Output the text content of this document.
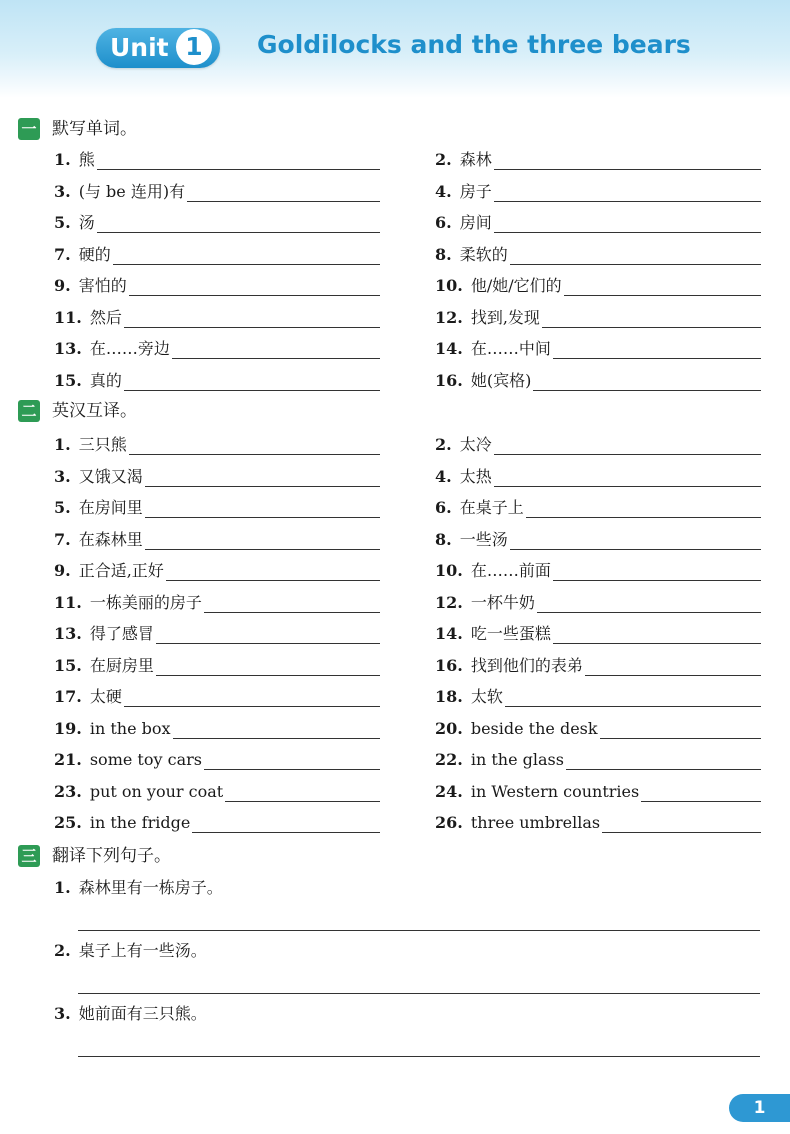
Unit 1	Goldilocks and the three bears
一 默写单词。
二 英汉互译。
三 翻译下列句子。
1. 熊	2. 森林
3. (与 be 连用)有	4. 房子
5. 汤	6. 房间
7. 硬的	8. 柔软的
9. 害怕的	10. 他/她/它们的
11. 然后	12. 找到,发现
13. 在……旁边	14. 在……中间
15. 真的	16. 她(宾格)
1. 三只熊	2. 太冷
3. 又饿又渴	4. 太热
5. 在房间里	6. 在桌子上
7. 在森林里	8. 一些汤
9. 正合适,正好	10. 在……前面
11. 一栋美丽的房子	12. 一杯牛奶
13. 得了感冒	14. 吃一些蛋糕
15. 在厨房里	16. 找到他们的表弟
17. 太硬	18. 太软
19. in the box	20. beside the desk
21. some toy cars	22. in the glass
23. put on your coat	24. in Western countries
25. in the fridge	26. three umbrellas
1. 森林里有一栋房子。
2. 桌子上有一些汤。
3. 她前面有三只熊。
1
